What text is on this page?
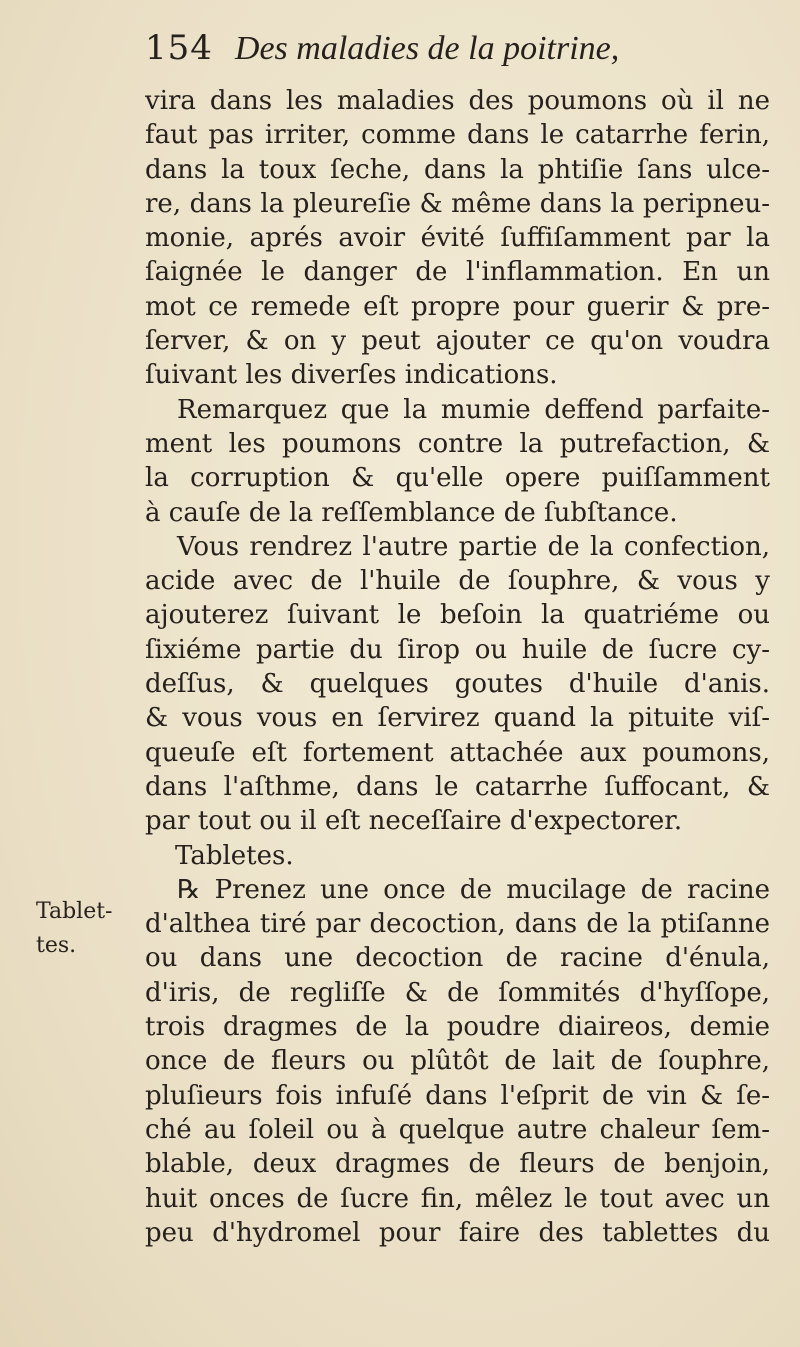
154 Des maladies de la poitrine,
Tablet-
tes.
vira dans les maladies des poumons où il ne
faut pas irriter, comme dans le catarrhe ferin,
dans la toux ſeche, dans la phtiſie ſans ulce-
re, dans la pleureſie & même dans la peripneu-
monie, aprés avoir évité ſuffiſamment par la
ſaignée le danger de l'inflammation. En un
mot ce remede eſt propre pour guerir & pre-
ſerver, & on y peut ajouter ce qu'on voudra
ſuivant les diverſes indications.
Remarquez que la mumie deffend parfaite-
ment les poumons contre la putrefaction, &
la corruption & qu'elle opere puiſſamment
à cauſe de la reſſemblance de ſubſtance.
Vous rendrez l'autre partie de la confection,
acide avec de l'huile de ſouphre, & vous y
ajouterez ſuivant le beſoin la quatriéme ou
ſixiéme partie du ſirop ou huile de ſucre cy-
deſſus, & quelques goutes d'huile d'anis.
& vous vous en ſervirez quand la pituite viſ-
queuſe eſt fortement attachée aux poumons,
dans l'aſthme, dans le catarrhe ſuffocant, &
par tout ou il eſt neceſſaire d'expectorer.
Tabletes.
℞ Prenez une once de mucilage de racine
d'althea tiré par decoction, dans de la ptiſanne
ou dans une decoction de racine d'énula,
d'iris, de regliſſe & de ſommités d'hyſſope,
trois dragmes de la poudre diaireos, demie
once de fleurs ou plûtôt de lait de ſouphre,
pluſieurs fois infuſé dans l'eſprit de vin & ſe-
ché au ſoleil ou à quelque autre chaleur ſem-
blable, deux dragmes de fleurs de benjoin,
huit onces de ſucre fin, mêlez le tout avec un
peu d'hydromel pour faire des tablettes du
